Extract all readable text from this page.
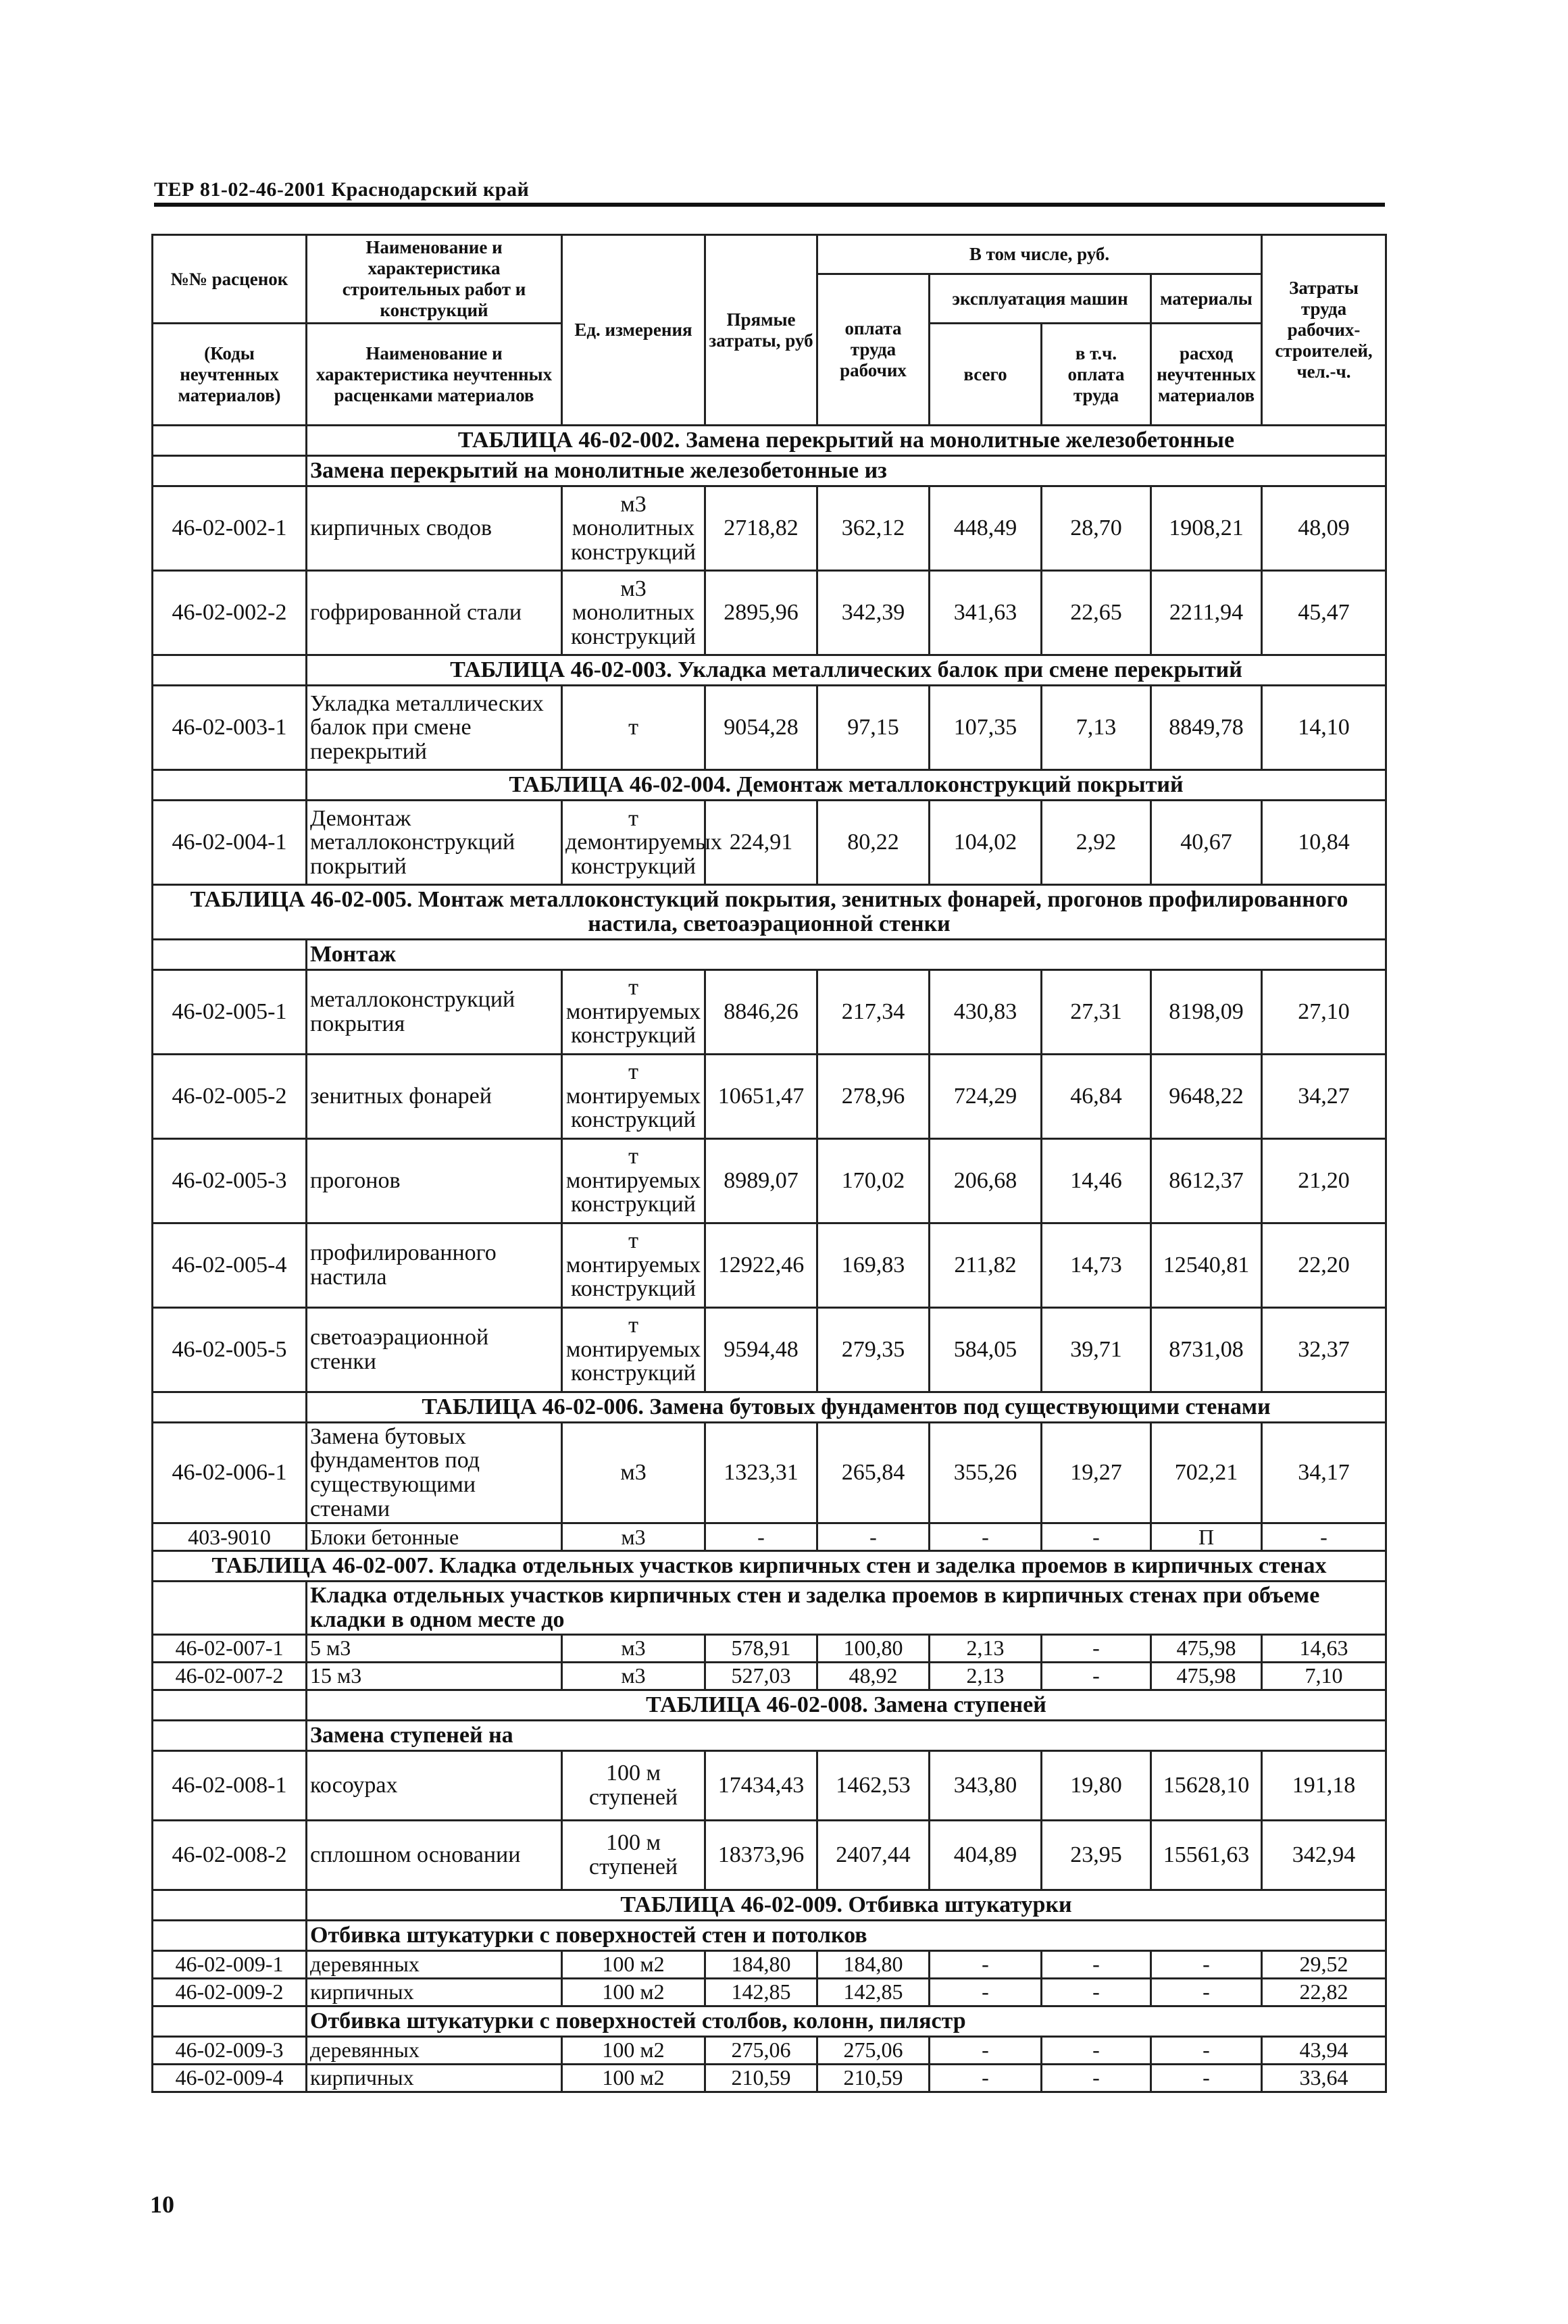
ТЕР 81-02-46-2001 Краснодарский край
№№ расценок	Наименование и характеристика строительных работ и конструкций	Ед. измерения	Прямые затраты, руб	В том числе, руб.				Затраты труда рабочих-строителей, чел.-ч.
				оплата труда рабочих	эксплуатация машин		материалы	
(Коды неучтенных материалов)	Наименование и характеристика неучтенных расценками материалов				всего	в т.ч. оплата труда	расход неучтенных материалов	

	ТАБЛИЦА 46-02-002. Замена перекрытий на монолитные железобетонные							
	Замена перекрытий на монолитные железобетонные из							
46-02-002-1	кирпичных сводов	м3 монолитных конструкций	2718,82	362,12	448,49	28,70	1908,21	48,09
46-02-002-2	гофрированной стали	м3 монолитных конструкций	2895,96	342,39	341,63	22,65	2211,94	45,47
	ТАБЛИЦА 46-02-003. Укладка металлических балок при смене перекрытий							
46-02-003-1	Укладка металлических балок при смене перекрытий	т	9054,28	97,15	107,35	7,13	8849,78	14,10
	ТАБЛИЦА 46-02-004. Демонтаж металлоконструкций покрытий							
46-02-004-1	Демонтаж металлоконструкций покрытий	т демонтируемых конструкций	224,91	80,22	104,02	2,92	40,67	10,84
ТАБЛИЦА 46-02-005. Монтаж металлоконстукций покрытия, зенитных фонарей, прогонов профилированного настила, светоаэрационной стенки								
	Монтаж							
46-02-005-1	металлоконструкций покрытия	т монтируемых конструкций	8846,26	217,34	430,83	27,31	8198,09	27,10
46-02-005-2	зенитных фонарей	т монтируемых конструкций	10651,47	278,96	724,29	46,84	9648,22	34,27
46-02-005-3	прогонов	т монтируемых конструкций	8989,07	170,02	206,68	14,46	8612,37	21,20
46-02-005-4	профилированного настила	т монтируемых конструкций	12922,46	169,83	211,82	14,73	12540,81	22,20
46-02-005-5	светоаэрационной стенки	т монтируемых конструкций	9594,48	279,35	584,05	39,71	8731,08	32,37
	ТАБЛИЦА 46-02-006. Замена бутовых фундаментов под существующими стенами							
46-02-006-1	Замена бутовых фундаментов под существующими стенами	м3	1323,31	265,84	355,26	19,27	702,21	34,17
403-9010	Блоки бетонные	м3	-	-	-	-	П	-
ТАБЛИЦА 46-02-007. Кладка отдельных участков кирпичных стен и заделка проемов в кирпичных стенах								
	Кладка отдельных участков кирпичных стен и заделка проемов в кирпичных стенах при объеме кладки в одном месте до							
46-02-007-1	5 м3	м3	578,91	100,80	2,13	-	475,98	14,63
46-02-007-2	15 м3	м3	527,03	48,92	2,13	-	475,98	7,10
	ТАБЛИЦА 46-02-008. Замена ступеней							
	Замена ступеней на							
46-02-008-1	косоурах	100 м ступеней	17434,43	1462,53	343,80	19,80	15628,10	191,18
46-02-008-2	сплошном основании	100 м ступеней	18373,96	2407,44	404,89	23,95	15561,63	342,94
	ТАБЛИЦА 46-02-009. Отбивка штукатурки							
	Отбивка штукатурки с поверхностей стен и потолков							
46-02-009-1	деревянных	100 м2	184,80	184,80	-	-	-	29,52
46-02-009-2	кирпичных	100 м2	142,85	142,85	-	-	-	22,82
	Отбивка штукатурки с поверхностей столбов, колонн, пилястр							
46-02-009-3	деревянных	100 м2	275,06	275,06	-	-	-	43,94
46-02-009-4	кирпичных	100 м2	210,59	210,59	-	-	-	33,64
10
